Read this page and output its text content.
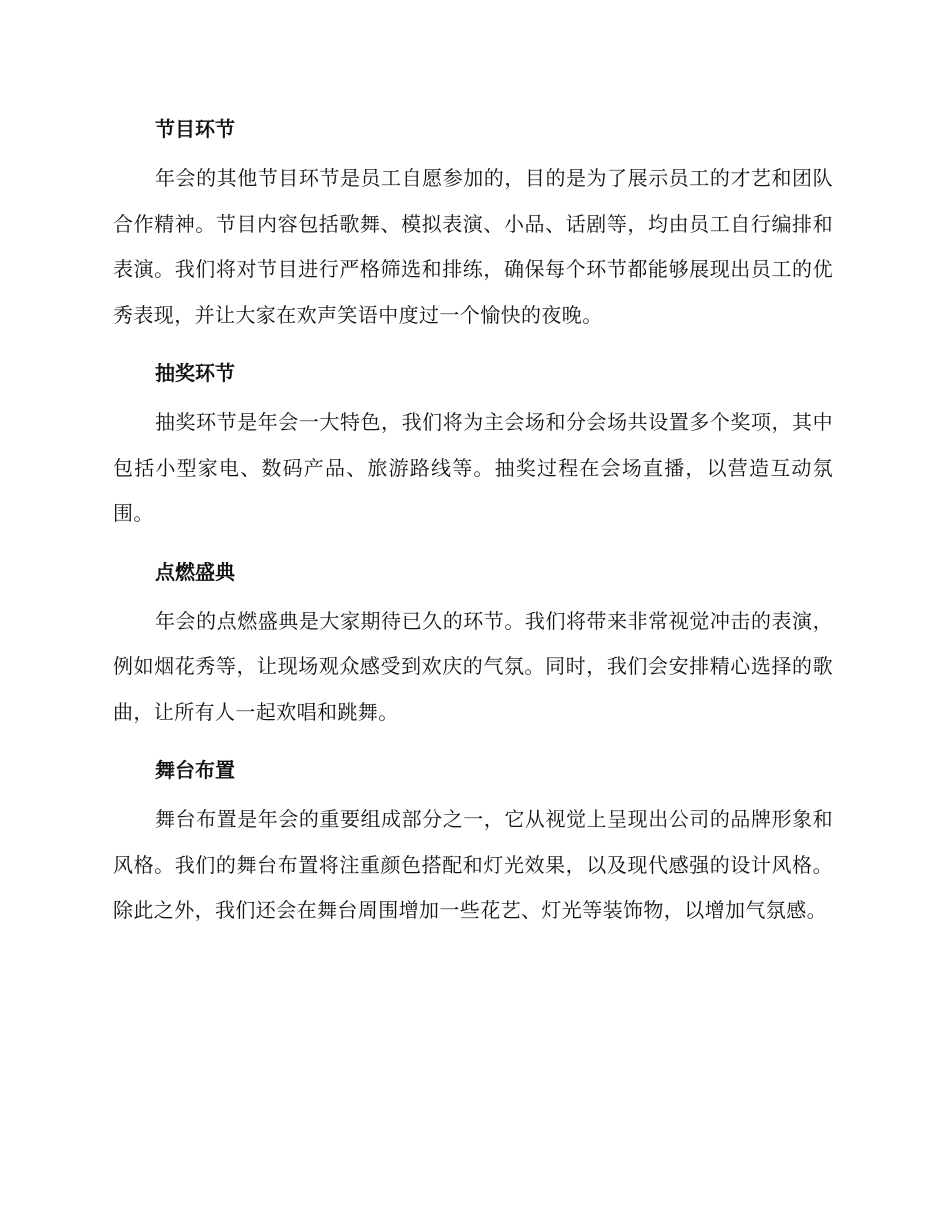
节目环节

年会的其他节目环节是员工自愿参加的，目的是为了展示员工的才艺和团队合作精神。节目内容包括歌舞、模拟表演、小品、话剧等，均由员工自行编排和表演。我们将对节目进行严格筛选和排练，确保每个环节都能够展现出员工的优秀表现，并让大家在欢声笑语中度过一个愉快的夜晚。

抽奖环节

抽奖环节是年会一大特色，我们将为主会场和分会场共设置多个奖项，其中包括小型家电、数码产品、旅游路线等。抽奖过程在会场直播，以营造互动氛围。

点燃盛典

年会的点燃盛典是大家期待已久的环节。我们将带来非常视觉冲击的表演，例如烟花秀等，让现场观众感受到欢庆的气氛。同时，我们会安排精心选择的歌曲，让所有人一起欢唱和跳舞。

舞台布置

舞台布置是年会的重要组成部分之一，它从视觉上呈现出公司的品牌形象和风格。我们的舞台布置将注重颜色搭配和灯光效果，以及现代感强的设计风格。除此之外，我们还会在舞台周围增加一些花艺、灯光等装饰物，以增加气氛感。
